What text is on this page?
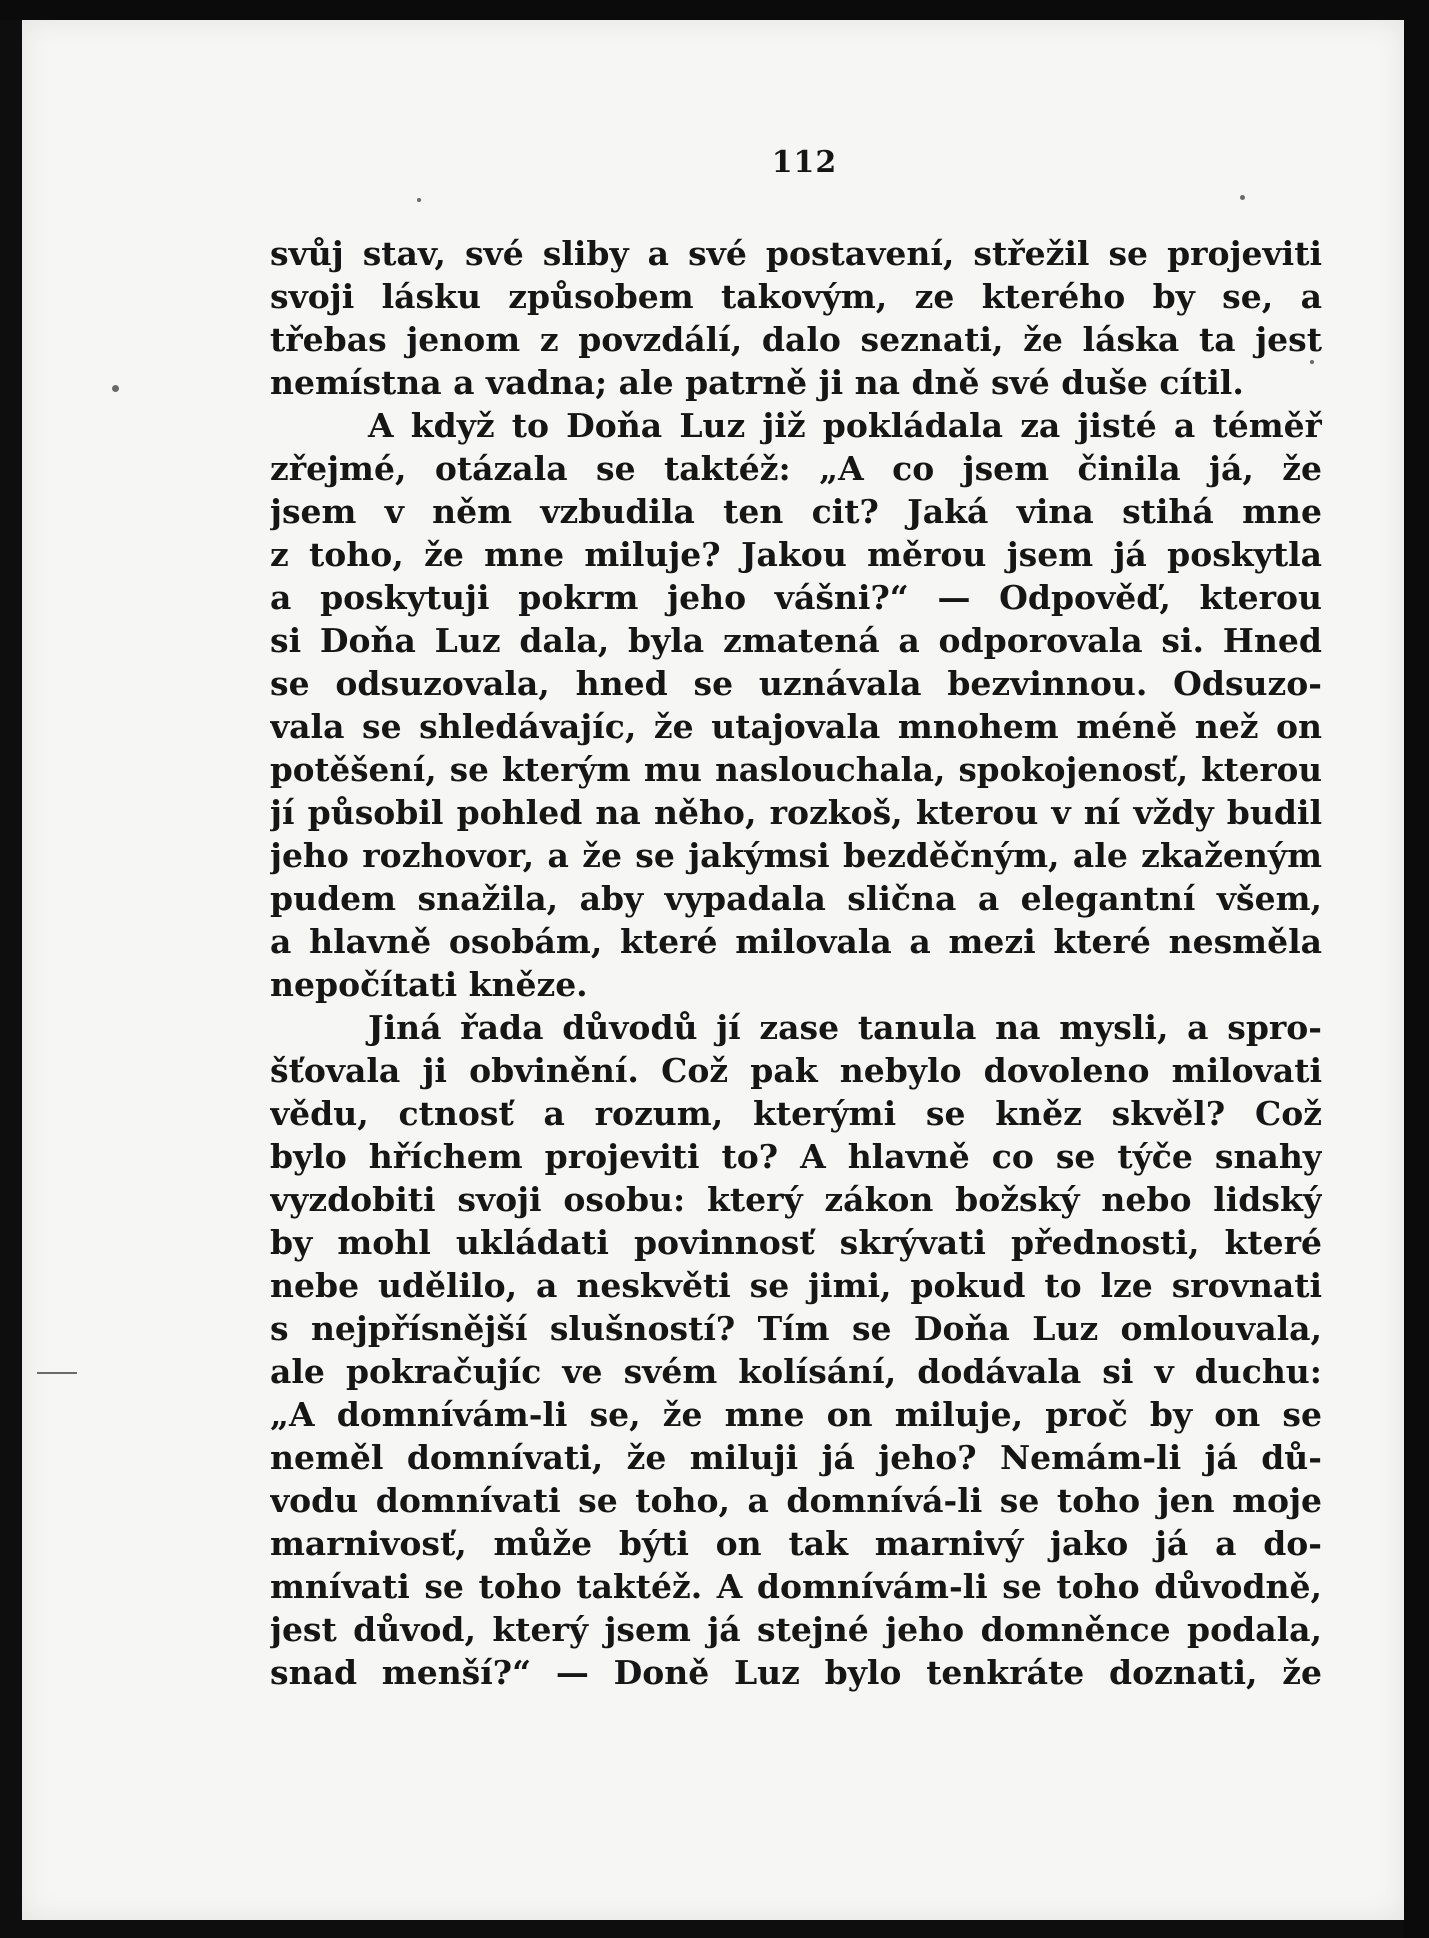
112
svůj stav, své sliby a své postavení, střežil se projeviti
svoji lásku způsobem takovým, ze kterého by se, a
třebas jenom z povzdálí, dalo seznati, že láska ta jest
nemístna a vadna; ale patrně ji na dně své duše cítil.
A když to Doňa Luz již pokládala za jisté a téměř
zřejmé, otázala se taktéž: „A co jsem činila já, že
jsem v něm vzbudila ten cit? Jaká vina stihá mne
z toho, že mne miluje? Jakou měrou jsem já poskytla
a poskytuji pokrm jeho vášni?“ — Odpověď, kterou
si Doňa Luz dala, byla zmatená a odporovala si. Hned
se odsuzovala, hned se uznávala bezvinnou. Odsuzo-
vala se shledávajíc, že utajovala mnohem méně než on
potěšení, se kterým mu naslouchala, spokojenosť, kterou
jí působil pohled na něho, rozkoš, kterou v ní vždy budil
jeho rozhovor, a že se jakýmsi bezděčným, ale zkaženým
pudem snažila, aby vypadala slična a elegantní všem,
a hlavně osobám, které milovala a mezi které nesměla
nepočítati kněze.
Jiná řada důvodů jí zase tanula na mysli, a spro-
šťovala ji obvinění. Což pak nebylo dovoleno milovati
vědu, ctnosť a rozum, kterými se kněz skvěl? Což
bylo hříchem projeviti to? A hlavně co se týče snahy
vyzdobiti svoji osobu: který zákon božský nebo lidský
by mohl ukládati povinnosť skrývati přednosti, které
nebe udělilo, a neskvěti se jimi, pokud to lze srovnati
s nejpřísnější slušností? Tím se Doňa Luz omlouvala,
ale pokračujíc ve svém kolísání, dodávala si v duchu:
„A domnívám-li se, že mne on miluje, proč by on se
neměl domnívati, že miluji já jeho? Nemám-li já dů-
vodu domnívati se toho, a domnívá-li se toho jen moje
marnivosť, může býti on tak marnivý jako já a do-
mnívati se toho taktéž. A domnívám-li se toho důvodně,
jest důvod, který jsem já stejné jeho domněnce podala,
snad menší?“ — Doně Luz bylo tenkráte doznati, že
